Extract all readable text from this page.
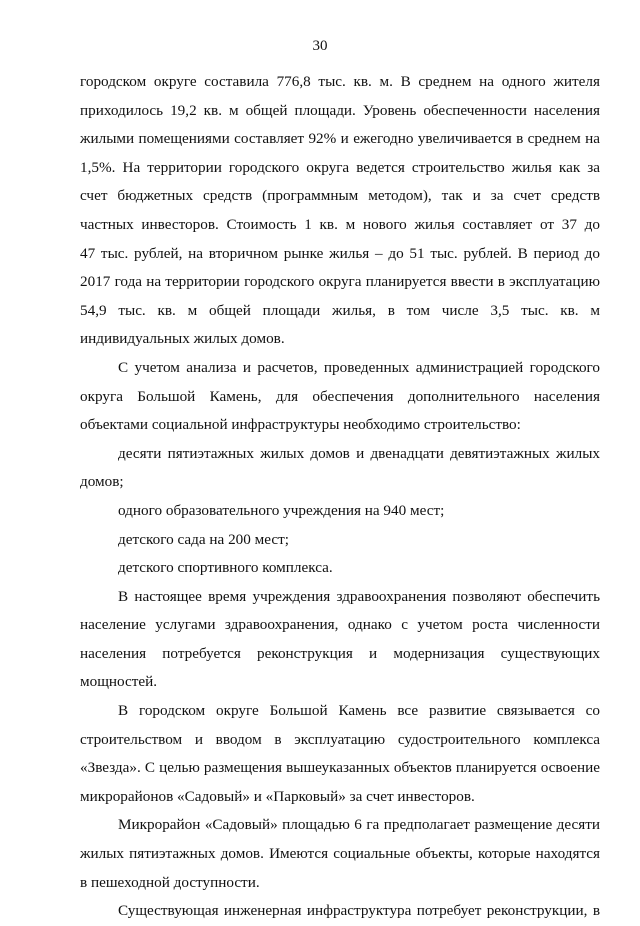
30
городском округе составила 776,8 тыс. кв. м. В среднем на одного жителя
приходилось 19,2 кв. м общей площади. Уровень обеспеченности населения
жилыми помещениями составляет 92% и ежегодно увеличивается в среднем на
1,5%. На территории городского округа ведется строительство жилья как за
счет бюджетных средств (программным методом), так и за счет средств
частных инвесторов. Стоимость 1 кв. м нового жилья составляет от 37 до
47 тыс. рублей, на вторичном рынке жилья – до 51 тыс. рублей. В период до
2017 года на территории городского округа планируется ввести в эксплуатацию
54,9 тыс. кв. м общей площади жилья, в том числе 3,5 тыс. кв. м
индивидуальных жилых домов.
С учетом анализа и расчетов, проведенных администрацией городского
округа Большой Камень, для обеспечения дополнительного населения
объектами социальной инфраструктуры необходимо строительство:
десяти пятиэтажных жилых домов и двенадцати девятиэтажных жилых
домов;
одного образовательного учреждения на 940 мест;
детского сада на 200 мест;
детского спортивного комплекса.
В настоящее время учреждения здравоохранения позволяют обеспечить
население услугами здравоохранения, однако с учетом роста численности
населения потребуется реконструкция и модернизация существующих
мощностей.
В городском округе Большой Камень все развитие связывается со
строительством и вводом в эксплуатацию судостроительного комплекса
«Звезда». С целью размещения вышеуказанных объектов планируется освоение
микрорайонов «Садовый» и «Парковый» за счет инвесторов.
Микрорайон «Садовый» площадью 6 га предполагает размещение десяти
жилых пятиэтажных домов. Имеются социальные объекты, которые находятся
в пешеходной доступности.
Существующая инженерная инфраструктура потребует реконструкции, в
